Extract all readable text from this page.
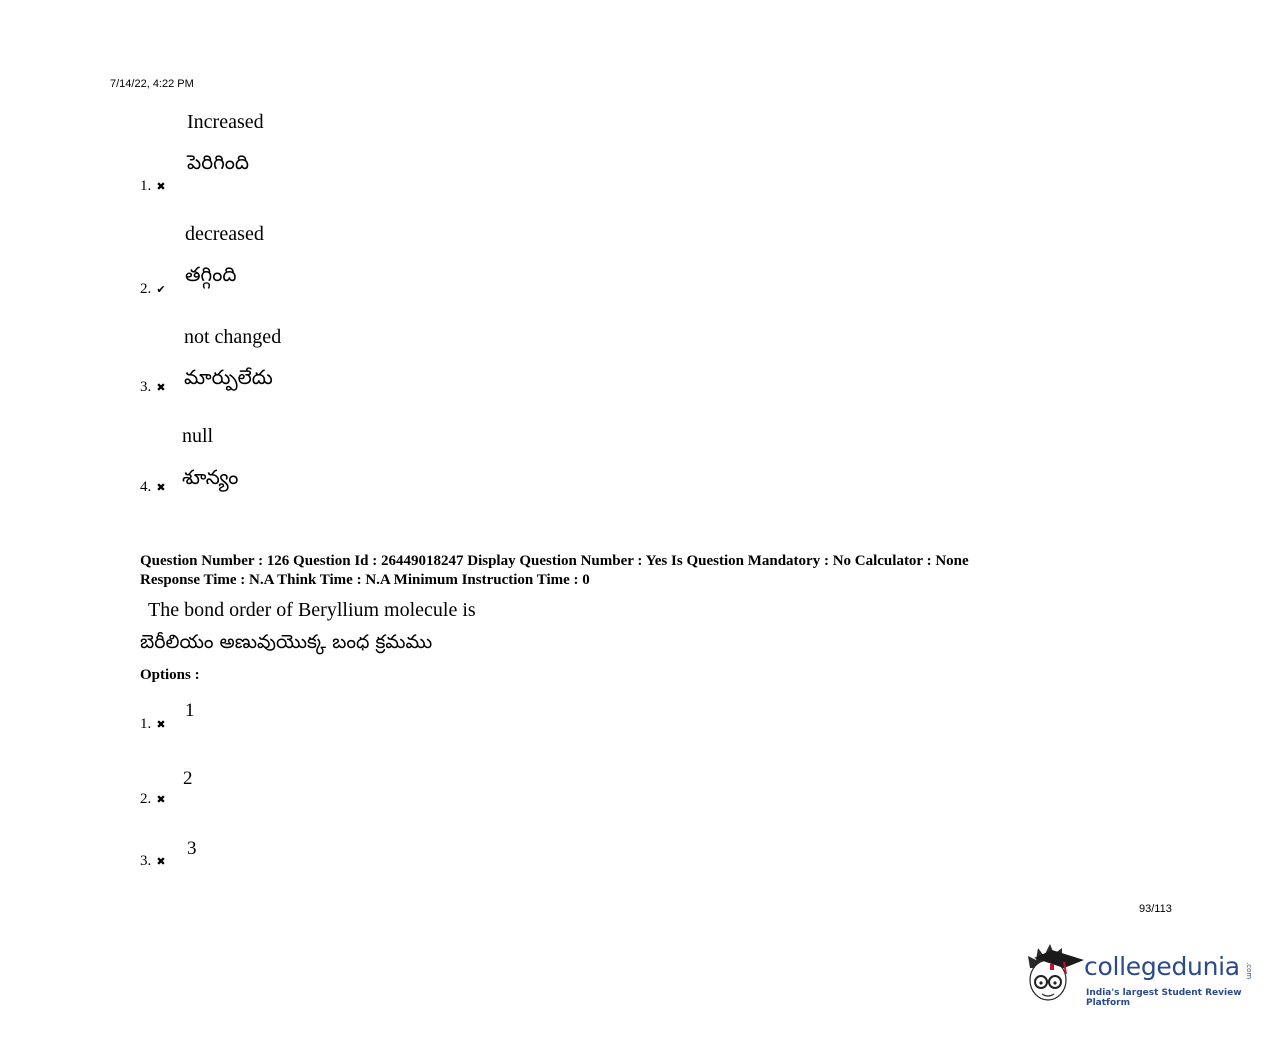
7/14/22, 4:22 PM
Increased
పెరిగింది
1. ✖
decreased
తగ్గింది
2. ✔
not changed
మార్పులేదు
3. ✖
null
శూన్యం
4. ✖
Question Number : 126 Question Id : 26449018247 Display Question Number : Yes Is Question Mandatory : No Calculator : None
Response Time : N.A Think Time : N.A Minimum Instruction Time : 0
The bond order of Beryllium molecule is
బెరీలియం అణువుయొక్క బంధ క్రమము
Options :
1. ✖
1
2. ✖
2
3. ✖
3
93/113
collegedunia .com
India's largest Student Review Platform
